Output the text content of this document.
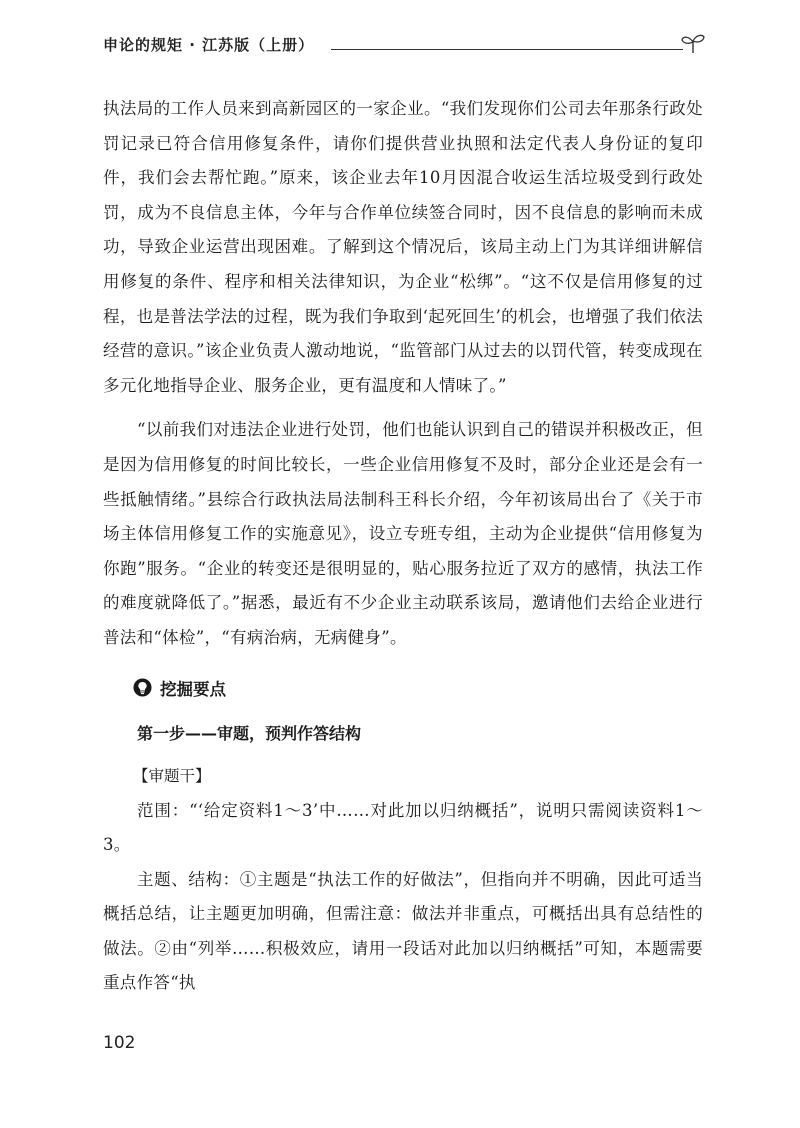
申论的规矩 · 江苏版（上册）

执法局的工作人员来到高新园区的一家企业。“我们发现你们公司去年那条行政处罚记录已符合信用修复条件，请你们提供营业执照和法定代表人身份证的复印件，我们会去帮忙跑。”原来，该企业去年10月因混合收运生活垃圾受到行政处罚，成为不良信息主体，今年与合作单位续签合同时，因不良信息的影响而未成功，导致企业运营出现困难。了解到这个情况后，该局主动上门为其详细讲解信用修复的条件、程序和相关法律知识，为企业“松绑”。“这不仅是信用修复的过程，也是普法学法的过程，既为我们争取到‘起死回生’的机会，也增强了我们依法经营的意识。”该企业负责人激动地说，“监管部门从过去的以罚代管，转变成现在多元化地指导企业、服务企业，更有温度和人情味了。”

“以前我们对违法企业进行处罚，他们也能认识到自己的错误并积极改正，但是因为信用修复的时间比较长，一些企业信用修复不及时，部分企业还是会有一些抵触情绪。”县综合行政执法局法制科王科长介绍，今年初该局出台了《关于市场主体信用修复工作的实施意见》，设立专班专组，主动为企业提供“信用修复为你跑”服务。“企业的转变还是很明显的，贴心服务拉近了双方的感情，执法工作的难度就降低了。”据悉，最近有不少企业主动联系该局，邀请他们去给企业进行普法和“体检”，“有病治病，无病健身”。

挖掘要点
第一步——审题，预判作答结构
【审题干】

范围：“‘给定资料1～3’中……对此加以归纳概括”，说明只需阅读资料1～3。

主题、结构：①主题是“执法工作的好做法”，但指向并不明确，因此可适当概括总结，让主题更加明确，但需注意：做法并非重点，可概括出具有总结性的做法。②由“列举……积极效应，请用一段话对此加以归纳概括”可知，本题需要重点作答“执

102
